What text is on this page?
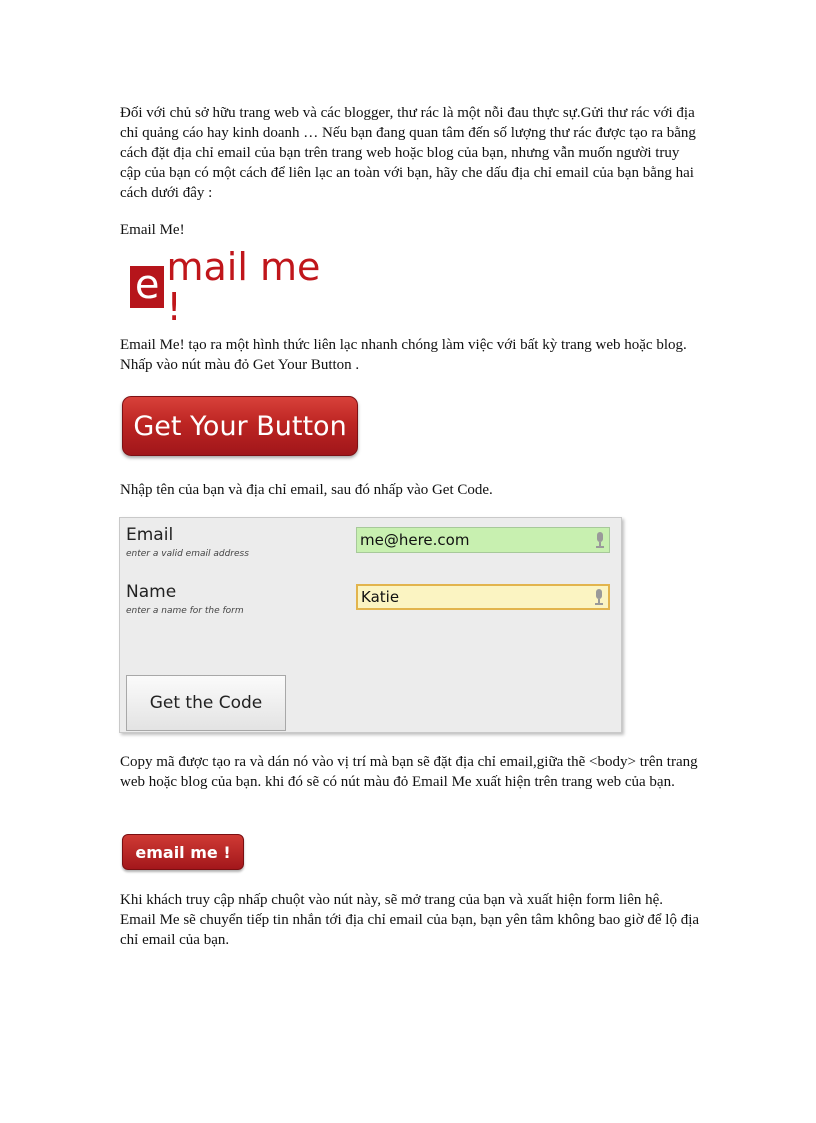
Đối với chủ sở hữu trang web và các blogger, thư rác là một nỗi đau thực sự.Gửi thư rác với địa chỉ quảng cáo hay kinh doanh … Nếu bạn đang quan tâm đến số lượng thư rác được tạo ra bằng cách đặt địa chỉ email của bạn trên trang web hoặc blog của bạn, nhưng vẫn muốn người truy cập của bạn có một cách để liên lạc an toàn với bạn, hãy che dấu địa chỉ email của bạn bằng hai cách dưới đây :

Email Me!

e mail me !

Email Me! tạo ra một hình thức liên lạc nhanh chóng làm việc với bất kỳ trang web hoặc blog. Nhấp vào nút màu đỏ Get Your Button .

Get Your Button

Nhập tên của bạn và địa chỉ email, sau đó nhấp vào Get Code.

Email
enter a valid email address
me@here.com
Name
enter a name for the form
Katie
Get the Code

Copy mã được tạo ra và dán nó vào vị trí mà bạn sẽ đặt địa chỉ email,giữa thẽ <body> trên trang web hoặc blog của bạn. khi đó sẽ có nút màu đỏ Email Me xuất hiện trên trang web của bạn.

email me !

Khi khách truy cập nhấp chuột vào nút này, sẽ mở trang của bạn và xuất hiện form liên hệ. Email Me sẽ chuyển tiếp tin nhắn tới địa chỉ email của bạn, bạn yên tâm không bao giờ để lộ địa chỉ email của bạn.
